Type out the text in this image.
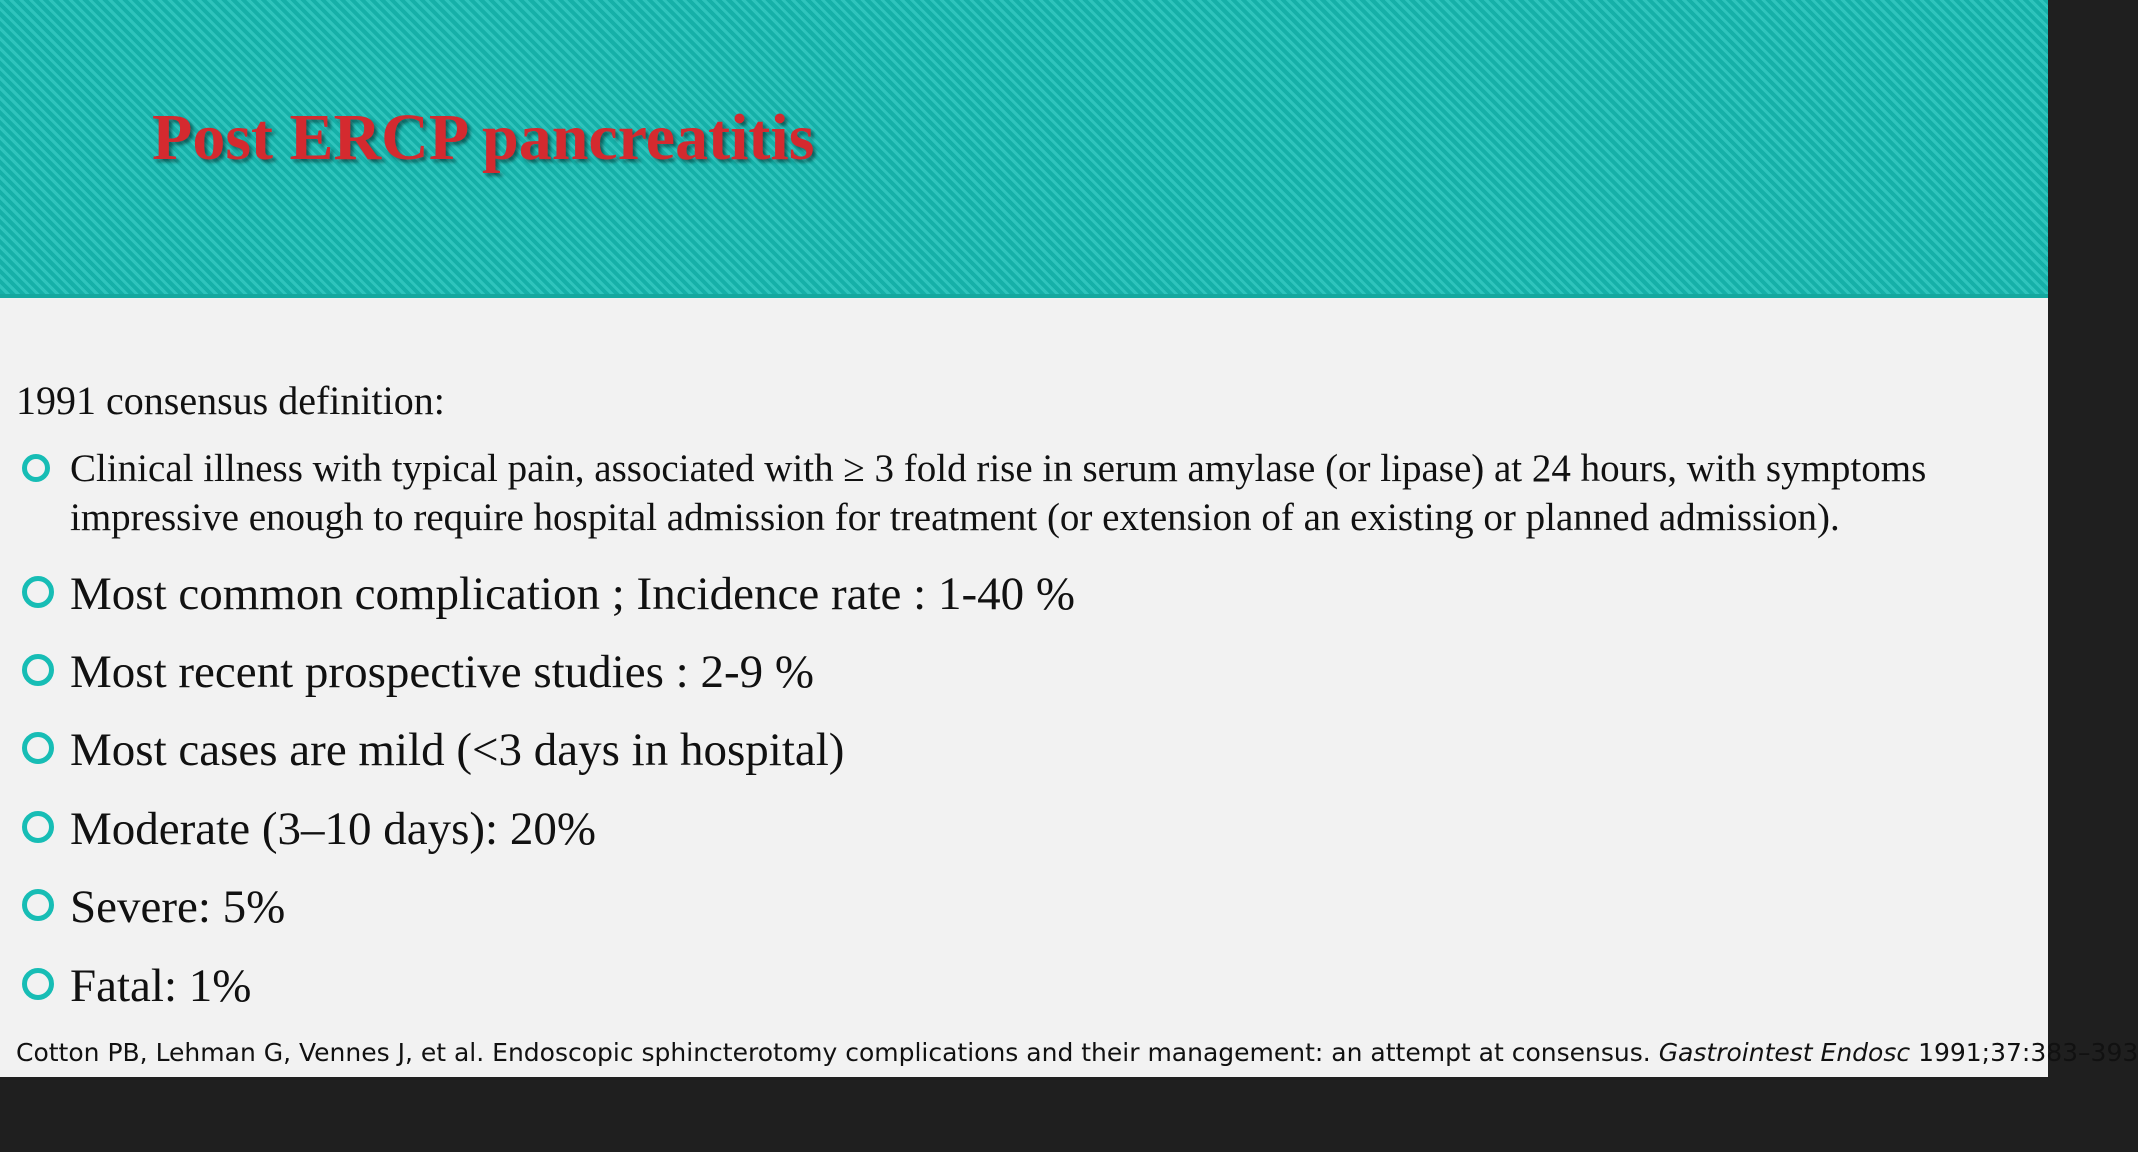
Post ERCP pancreatitis
1991 consensus definition:
Clinical illness with typical pain, associated with ≥ 3 fold rise in serum amylase (or lipase) at 24 hours, with symptoms
impressive enough to require hospital admission for treatment (or extension of an existing or planned admission).
Most common complication ; Incidence rate : 1-40 %
Most recent prospective studies : 2-9 %
Most cases are mild (<3 days in hospital)
Moderate (3–10 days): 20%
Severe: 5%
Fatal: 1%
Cotton PB, Lehman G, Vennes J, et al. Endoscopic sphincterotomy complications and their management: an attempt at consensus. Gastrointest Endosc 1991;37:383–393
